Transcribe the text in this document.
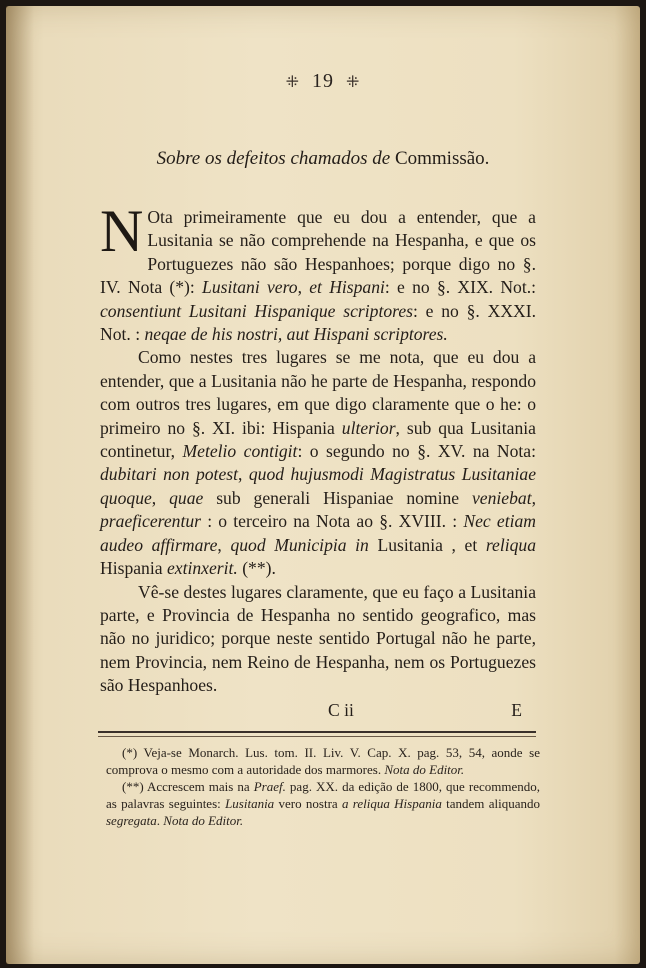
⁜ 19 ⁜
Sobre os defeitos chamados de Commissão.

N Ota primeiramente que eu dou a entender, que a Lusitania se não comprehende na Hespanha, e que os Portuguezes não são Hespanhoes; porque digo no §. IV. Nota (*): Lusitani vero, et Hispani: e no §. XIX. Not.: consentiunt Lusitani Hispanique scriptores: e no §. XXXI. Not. : neqae de his nostri, aut Hispani scriptores.

Como nestes tres lugares se me nota, que eu dou a entender, que a Lusitania não he parte de Hespanha, respondo com outros tres lugares, em que digo claramente que o he: o primeiro no §. XI. ibi: Hispania ulterior, sub qua Lusitania continetur, Metelio contigit: o segundo no §. XV. na Nota: dubitari non potest, quod hujusmodi Magistratus Lusitaniae quoque, quae sub generali Hispaniae nomine veniebat, praeficerentur : o terceiro na Nota ao §. XVIII. : Nec etiam audeo affirmare, quod Municipia in Lusitania , et reliqua Hispania extinxerit. (**).

Vê-se destes lugares claramente, que eu faço a Lusitania parte, e Provincia de Hespanha no sentido geografico, mas não no juridico; porque neste sentido Portugal não he parte, nem Provincia, nem Reino de Hespanha, nem os Portuguezes são Hespanhoes.

C ii	E

(*) Veja-se Monarch. Lus. tom. II. Liv. V. Cap. X. pag. 53, 54, aonde se comprova o mesmo com a autoridade dos marmores. Nota do Editor.

(**) Accrescem mais na Praef. pag. XX. da edição de 1800, que recommendo, as palavras seguintes: Lusitania vero nostra a reliqua Hispania tandem aliquando segregata. Nota do Editor.
